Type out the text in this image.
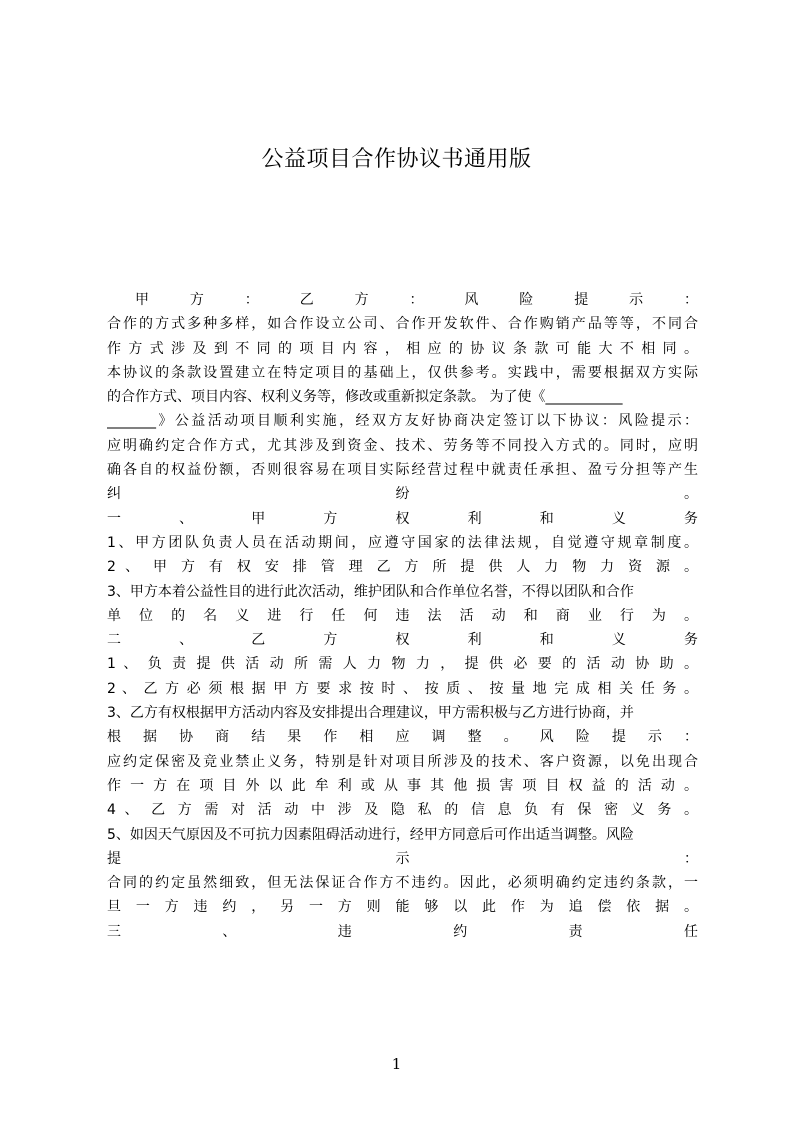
公益项目合作协议书通用版
甲 方 ： 乙 方 ： 风 险 提 示 ：
合作的方式多种多样，如合作设立公司、合作开发软件、合作购销产品等等，不同合
作方式涉及到不同的项目内容，相应的协议条款可能大不相同。
本协议的条款设置建立在特定项目的基础上，仅供参考。实践中，需要根据双方实际
的合作方式、项目内容、权利义务等，修改或重新拟定条款。 为了使《___________
_______》公益活动项目顺利实施，经双方友好协商决定签订以下协议：风险提示：
应明确约定合作方式，尤其涉及到资金、技术、劳务等不同投入方式的。同时，应明
确各自的权益份额，否则很容易在项目实际经营过程中就责任承担、盈亏分担等产生
纠 纷 。
一 、 甲 方 权 利 和 义 务
1、甲方团队负责人员在活动期间，应遵守国家的法律法规，自觉遵守规章制度。
2 、 甲 方 有 权 安 排 管 理 乙 方 所 提 供 人 力 物 力 资 源 。
3、甲方本着公益性目的进行此次活动，维护团队和合作单位名誉，不得以团队和合作
单 位 的 名 义 进 行 任 何 违 法 活 动 和 商 业 行 为 。
二 、 乙 方 权 利 和 义 务
1 、 负 责 提 供 活 动 所 需 人 力 物 力 ， 提 供 必 要 的 活 动 协 助 。
2 、 乙 方 必 须 根 据 甲 方 要 求 按 时 、 按 质 、 按 量 地 完 成 相 关 任 务 。
3、乙方有权根据甲方活动内容及安排提出合理建议，甲方需积极与乙方进行协商，并
根 据 协 商 结 果 作 相 应 调 整 。 风 险 提 示 ：
应约定保密及竞业禁止义务，特别是针对项目所涉及的技术、客户资源，以免出现合
作 一 方 在 项 目 外 以 此 牟 利 或 从 事 其 他 损 害 项 目 权 益 的 活 动 。
4 、 乙 方 需 对 活 动 中 涉 及 隐 私 的 信 息 负 有 保 密 义 务 。
5、如因天气原因及不可抗力因素阻碍活动进行，经甲方同意后可作出适当调整。风险
提 示 ：
合同的约定虽然细致，但无法保证合作方不违约。因此，必须明确约定违约条款，一
旦 一 方 违 约 ， 另 一 方 则 能 够 以 此 作 为 追 偿 依 据 。
三 、 违 约 责 任
1
